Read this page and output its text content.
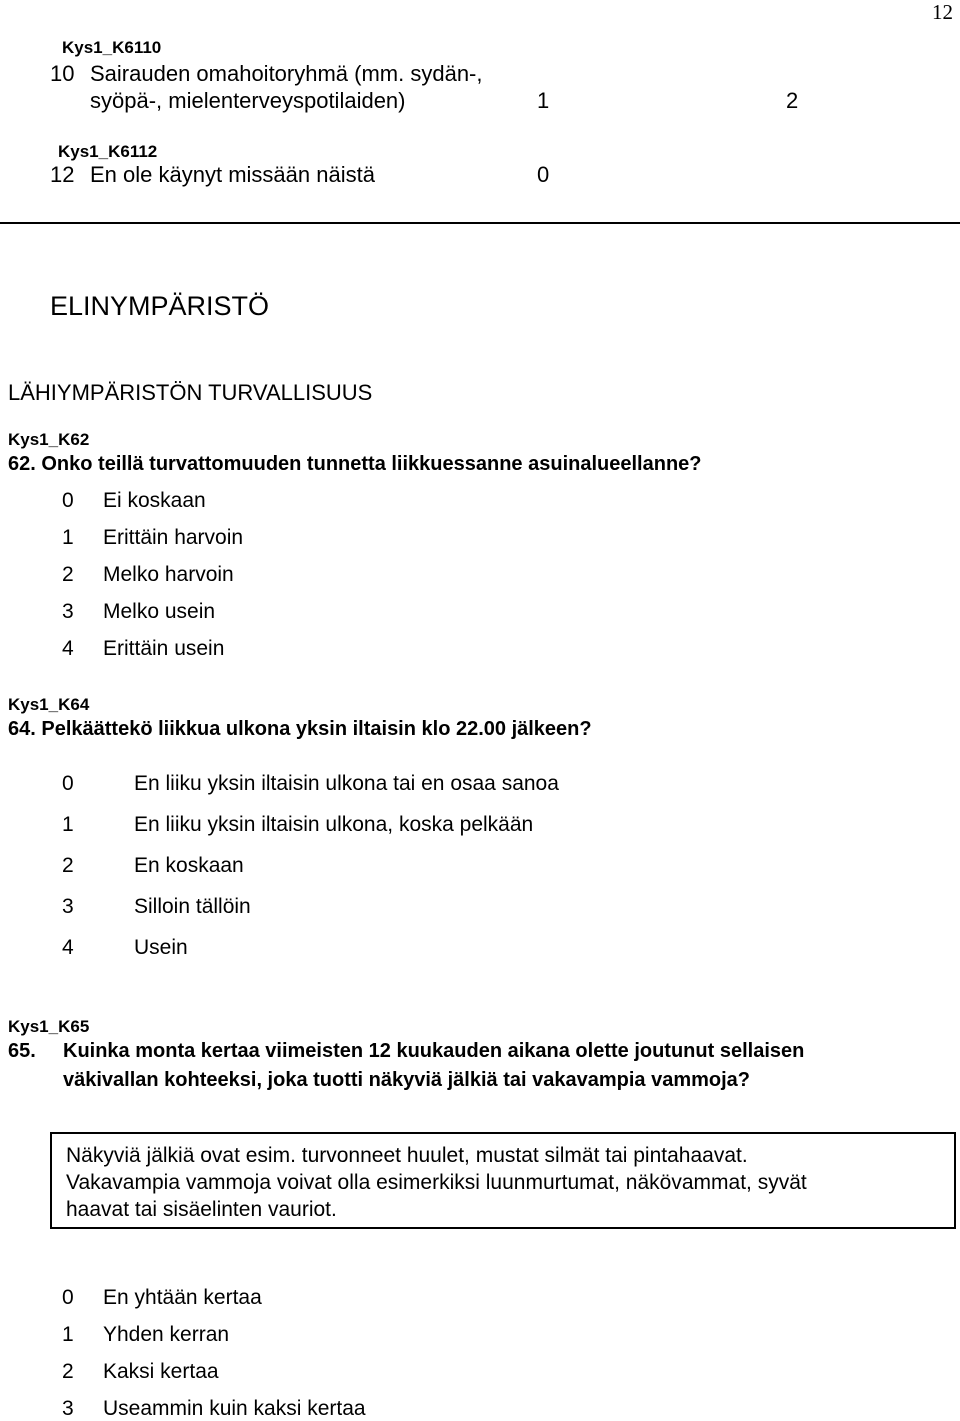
12
Kys1_K6110
10 Sairauden omahoitoryhmä (mm. sydän-,
syöpä-, mielenterveyspotilaiden)	1	2
Kys1_K6112
12 En ole käynyt missään näistä	0
ELINYMPÄRISTÖ
LÄHIYMPÄRISTÖN TURVALLISUUS
Kys1_K62
62. Onko teillä turvattomuuden tunnetta liikkuessanne asuinalueellanne?
0 Ei koskaan
1 Erittäin harvoin
2 Melko harvoin
3 Melko usein
4 Erittäin usein
Kys1_K64
64. Pelkäättekö liikkua ulkona yksin iltaisin klo 22.00 jälkeen?
0	En liiku yksin iltaisin ulkona tai en osaa sanoa
1	En liiku yksin iltaisin ulkona, koska pelkään
2	En koskaan
3	Silloin tällöin
4	Usein
Kys1_K65
65. Kuinka monta kertaa viimeisten 12 kuukauden aikana olette joutunut sellaisen
väkivallan kohteeksi, joka tuotti näkyviä jälkiä tai vakavampia vammoja?
Näkyviä jälkiä ovat esim. turvonneet huulet, mustat silmät tai pintahaavat.
Vakavampia vammoja voivat olla esimerkiksi luunmurtumat, näkövammat, syvät
haavat tai sisäelinten vauriot.
0 En yhtään kertaa
1 Yhden kerran
2 Kaksi kertaa
3 Useammin kuin kaksi kertaa
